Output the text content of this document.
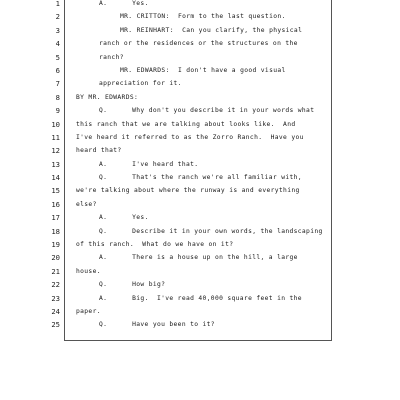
1	A.      Yes.
2	MR. CRITTON:  Form to the last question.
3	MR. REINHART:  Can you clarify, the physical
4	ranch or the residences or the structures on the
5	ranch?
6	MR. EDWARDS:  I don't have a good visual
7	appreciation for it.
8	BY MR. EDWARDS:
9	Q.      Why don't you describe it in your words what
10	this ranch that we are talking about looks like.  And
11	I've heard it referred to as the Zorro Ranch.  Have you
12	heard that?
13	A.      I've heard that.
14	Q.      That's the ranch we're all familiar with,
15	we're talking about where the runway is and everything
16	else?
17	A.      Yes.
18	Q.      Describe it in your own words, the landscaping
19	of this ranch.  What do we have on it?
20	A.      There is a house up on the hill, a large
21	house.
22	Q.      How big?
23	A.      Big.  I've read 40,000 square feet in the
24	paper.
25	Q.      Have you been to it?
